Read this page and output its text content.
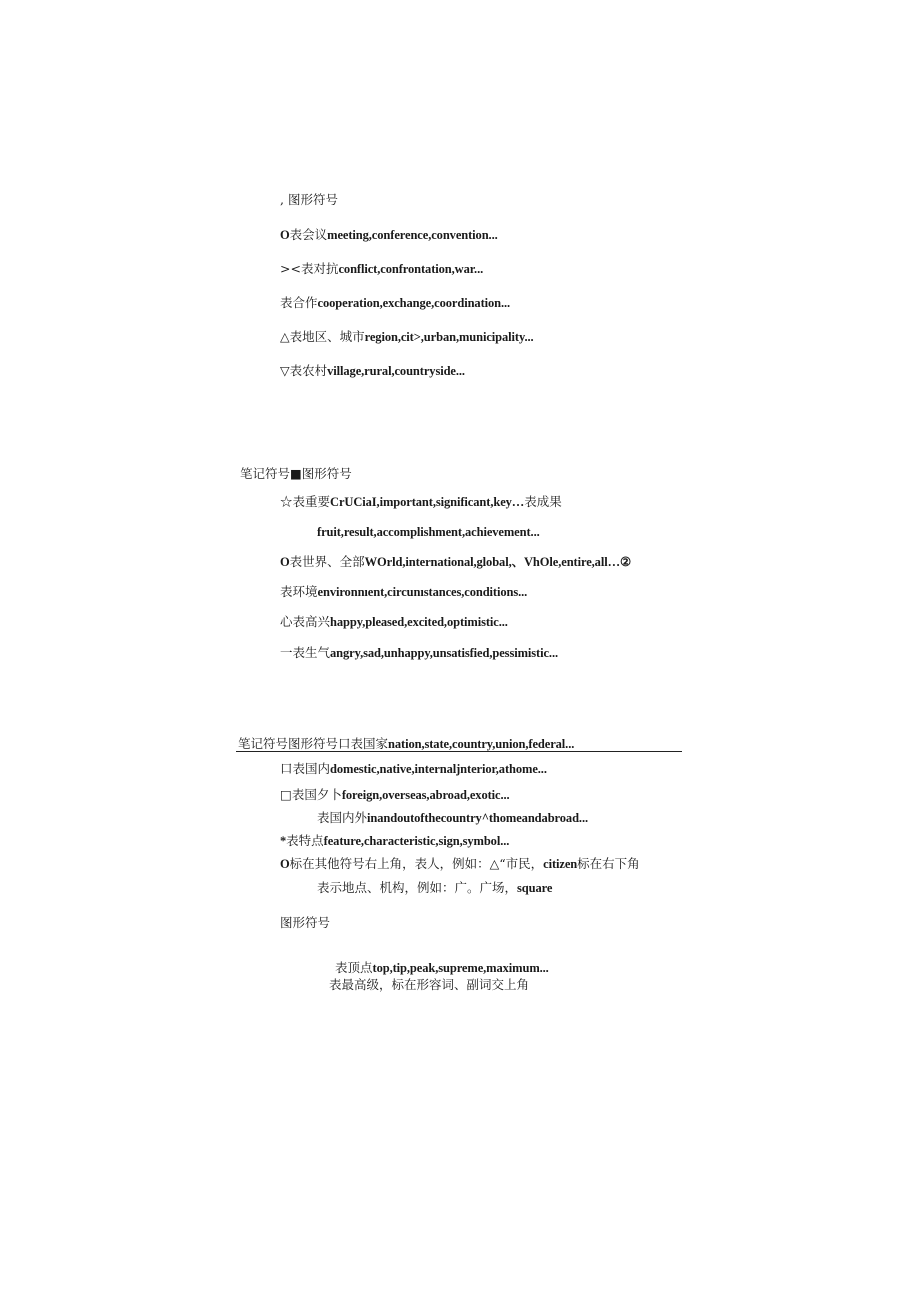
, 图形符号
O表会议meeting,conference,convention...
><表对抗conflict,confrontation,war...
表合作cooperation,exchange,coordination...
△表地区、城市region,cit>,urban,municipality...
▽表农村village,rural,countryside...
笔记符号■图形符号
☆表重要CrUCiaI,important,significant,key…表成果
fruit,result,accomplishment,achievement...
O表世界、全部WOrld,international,global,、VhOle,entire,all…②
表环境environnıent,circunıstances,conditions...
心表高兴happy,pleased,excited,optimistic...
一表生气angry,sad,unhappy,unsatisfied,pessimistic...
笔记符号图形符号口表国家nation,state,country,union,federal...
口表国内domestic,native,internaljnterior,athome...
□表国夕卜foreign,overseas,abroad,exotic...
表国内外inandoutofthecountry^thomeandabroad...
*表特点feature,characteristic,sign,symbol...
O标在其他符号右上角，表人，例如：△“市民，citizen标在右下角
表示地点、机构，例如：广。广场，square
图形符号
表顶点top,tip,peak,supreme,maximum...
表最高级，标在形容词、副词交上角
